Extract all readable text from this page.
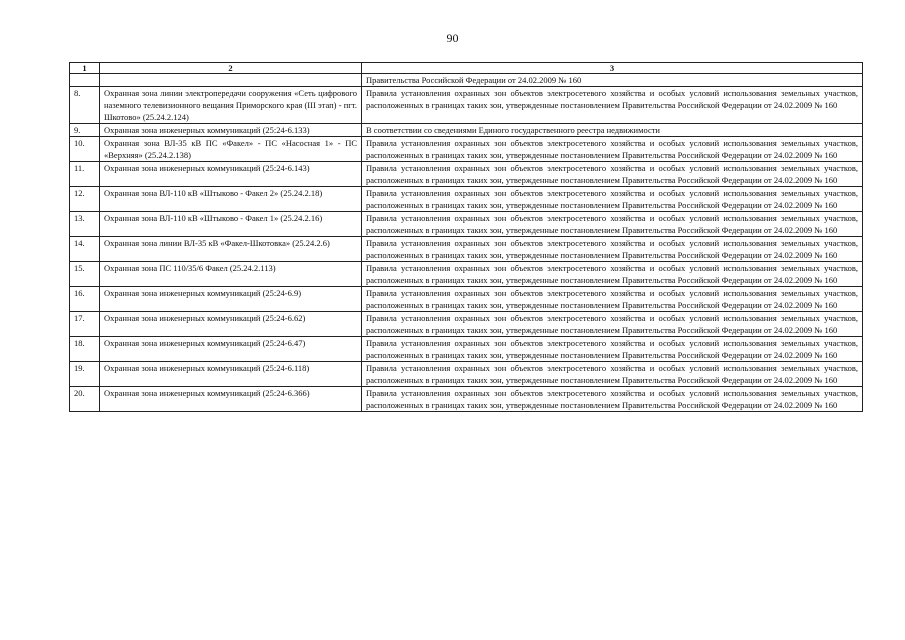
90
1	2	3
		Правительства Российской Федерации от 24.02.2009 № 160
8.	Охранная зона линии электропередачи сооружения «Сеть цифрового наземного телевизионного вещания Приморского края (III этап) - пгт. Шкотово» (25.24.2.124)	Правила установления охранных зон объектов электросетевого хозяйства и особых условий использования земельных участков, расположенных в границах таких зон, утвержденные постановлением Правительства Российской Федерации от 24.02.2009 № 160
9.	Охранная зона инженерных коммуникаций (25:24-6.133)	В соответствии со сведениями Единого государственного реестра недвижимости
10.	Охранная зона ВЛ-35 кВ ПС «Факел» - ПС «Насосная 1» - ПС «Верхняя» (25.24.2.138)	Правила установления охранных зон объектов электросетевого хозяйства и особых условий использования земельных участков, расположенных в границах таких зон, утвержденные постановлением Правительства Российской Федерации от 24.02.2009 № 160
11.	Охранная зона инженерных коммуникаций (25:24-6.143)	Правила установления охранных зон объектов электросетевого хозяйства и особых условий использования земельных участков, расположенных в границах таких зон, утвержденные постановлением Правительства Российской Федерации от 24.02.2009 № 160
12.	Охранная зона ВЛ-110 кВ «Штыково - Факел 2» (25.24.2.18)	Правила установления охранных зон объектов электросетевого хозяйства и особых условий использования земельных участков, расположенных в границах таких зон, утвержденные постановлением Правительства Российской Федерации от 24.02.2009 № 160
13.	Охранная зона ВЛ-110 кВ «Штыково - Факел 1» (25.24.2.16)	Правила установления охранных зон объектов электросетевого хозяйства и особых условий использования земельных участков, расположенных в границах таких зон, утвержденные постановлением Правительства Российской Федерации от 24.02.2009 № 160
14.	Охранная зона линии ВЛ-35 кВ «Факел-Шкотовка» (25.24.2.6)	Правила установления охранных зон объектов электросетевого хозяйства и особых условий использования земельных участков, расположенных в границах таких зон, утвержденные постановлением Правительства Российской Федерации от 24.02.2009 № 160
15.	Охранная зона ПС 110/35/6 Факел (25.24.2.113)	Правила установления охранных зон объектов электросетевого хозяйства и особых условий использования земельных участков, расположенных в границах таких зон, утвержденные постановлением Правительства Российской Федерации от 24.02.2009 № 160
16.	Охранная зона инженерных коммуникаций (25:24-6.9)	Правила установления охранных зон объектов электросетевого хозяйства и особых условий использования земельных участков, расположенных в границах таких зон, утвержденные постановлением Правительства Российской Федерации от 24.02.2009 № 160
17.	Охранная зона инженерных коммуникаций (25:24-6.62)	Правила установления охранных зон объектов электросетевого хозяйства и особых условий использования земельных участков, расположенных в границах таких зон, утвержденные постановлением Правительства Российской Федерации от 24.02.2009 № 160
18.	Охранная зона инженерных коммуникаций (25:24-6.47)	Правила установления охранных зон объектов электросетевого хозяйства и особых условий использования земельных участков, расположенных в границах таких зон, утвержденные постановлением Правительства Российской Федерации от 24.02.2009 № 160
19.	Охранная зона инженерных коммуникаций (25:24-6.118)	Правила установления охранных зон объектов электросетевого хозяйства и особых условий использования земельных участков, расположенных в границах таких зон, утвержденные постановлением Правительства Российской Федерации от 24.02.2009 № 160
20.	Охранная зона инженерных коммуникаций (25:24-6.366)	Правила установления охранных зон объектов электросетевого хозяйства и особых условий использования земельных участков, расположенных в границах таких зон, утвержденные постановлением Правительства Российской Федерации от 24.02.2009 № 160
